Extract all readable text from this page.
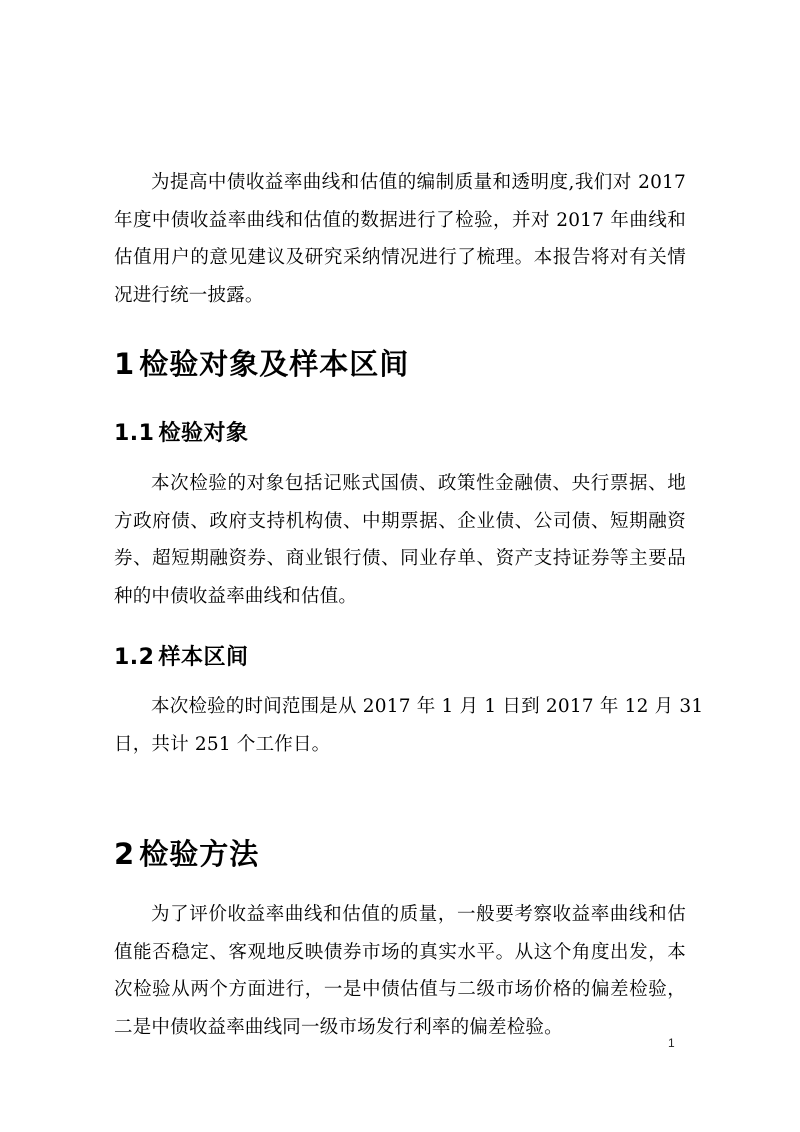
为提高中债收益率曲线和估值的编制质量和透明度,我们对 2017
年度中债收益率曲线和估值的数据进行了检验，并对 2017 年曲线和
估值用户的意见建议及研究采纳情况进行了梳理。本报告将对有关情
况进行统一披露。

1 检验对象及样本区间
1.1 检验对象

本次检验的对象包括记账式国债、政策性金融债、央行票据、地
方政府债、政府支持机构债、中期票据、企业债、公司债、短期融资
券、超短期融资券、商业银行债、同业存单、资产支持证券等主要品
种的中债收益率曲线和估值。

1.2 样本区间

本次检验的时间范围是从 2017 年 1 月 1 日到 2017 年 12 月 31
日，共计 251 个工作日。

2 检验方法

为了评价收益率曲线和估值的质量，一般要考察收益率曲线和估
值能否稳定、客观地反映债券市场的真实水平。从这个角度出发，本
次检验从两个方面进行，一是中债估值与二级市场价格的偏差检验，
二是中债收益率曲线同一级市场发行利率的偏差检验。

1
